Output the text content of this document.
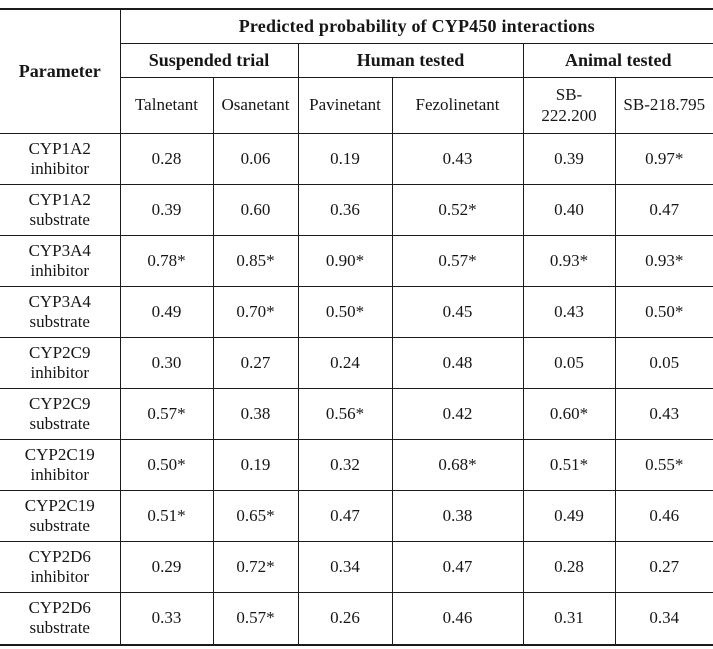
Parameter	Predicted probability of CYP450 interactions					
	Suspended trial		Human tested		Animal tested	
	Talnetant	Osanetant	Pavinetant	Fezolinetant	SB-222.200	SB-218.795

CYP1A2
inhibitor	0.28	0.06	0.19	0.43	0.39	0.97*

CYP1A2
substrate	0.39	0.60	0.36	0.52*	0.40	0.47

CYP3A4
inhibitor	0.78*	0.85*	0.90*	0.57*	0.93*	0.93*

CYP3A4
substrate	0.49	0.70*	0.50*	0.45	0.43	0.50*

CYP2C9
inhibitor	0.30	0.27	0.24	0.48	0.05	0.05

CYP2C9
substrate	0.57*	0.38	0.56*	0.42	0.60*	0.43

CYP2C19
inhibitor	0.50*	0.19	0.32	0.68*	0.51*	0.55*

CYP2C19
substrate	0.51*	0.65*	0.47	0.38	0.49	0.46

CYP2D6
inhibitor	0.29	0.72*	0.34	0.47	0.28	0.27

CYP2D6
substrate	0.33	0.57*	0.26	0.46	0.31	0.34
